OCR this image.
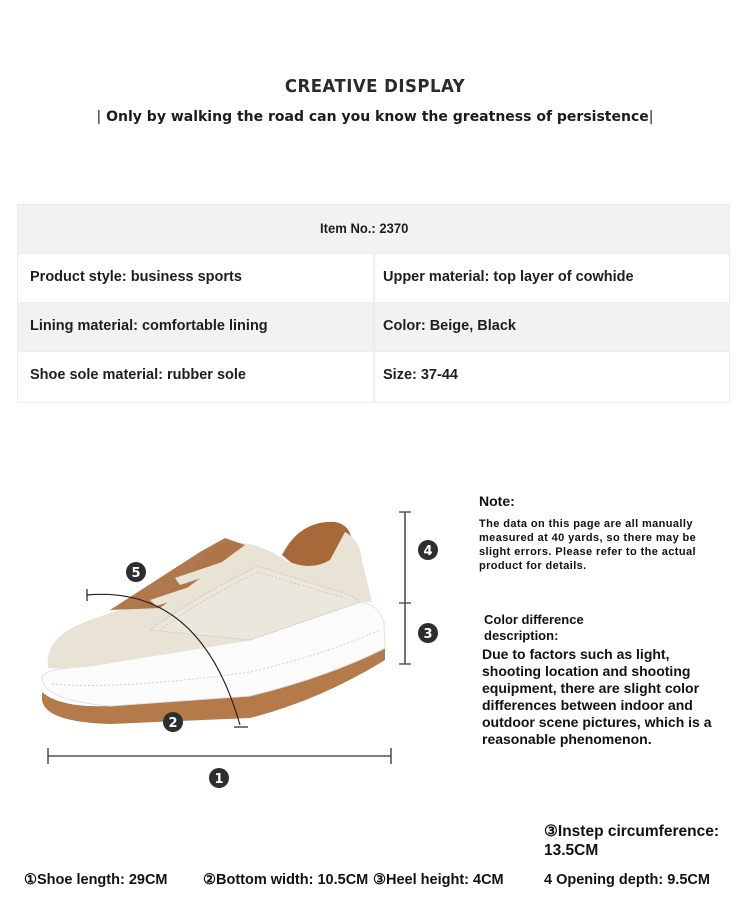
CREATIVE DISPLAY
| Only by walking the road can you know the greatness of persistence|
Item No.: 2370
Product style: business sports	Upper material: top layer of cowhide
Lining material: comfortable lining	Color: Beige, Black
Shoe sole material: rubber sole	Size: 37-44
1
2
3
4
5
Note:
The data on this page are all manually measured at 40 yards, so there may be slight errors. Please refer to the actual product for details.
Color difference description:
Due to factors such as light, shooting location and shooting equipment, there are slight color differences between indoor and outdoor scene pictures, which is a reasonable phenomenon.
③Instep circumference: 13.5CM
①Shoe length: 29CM ②Bottom width: 10.5CM ③Heel height: 4CM	4 Opening depth: 9.5CM
